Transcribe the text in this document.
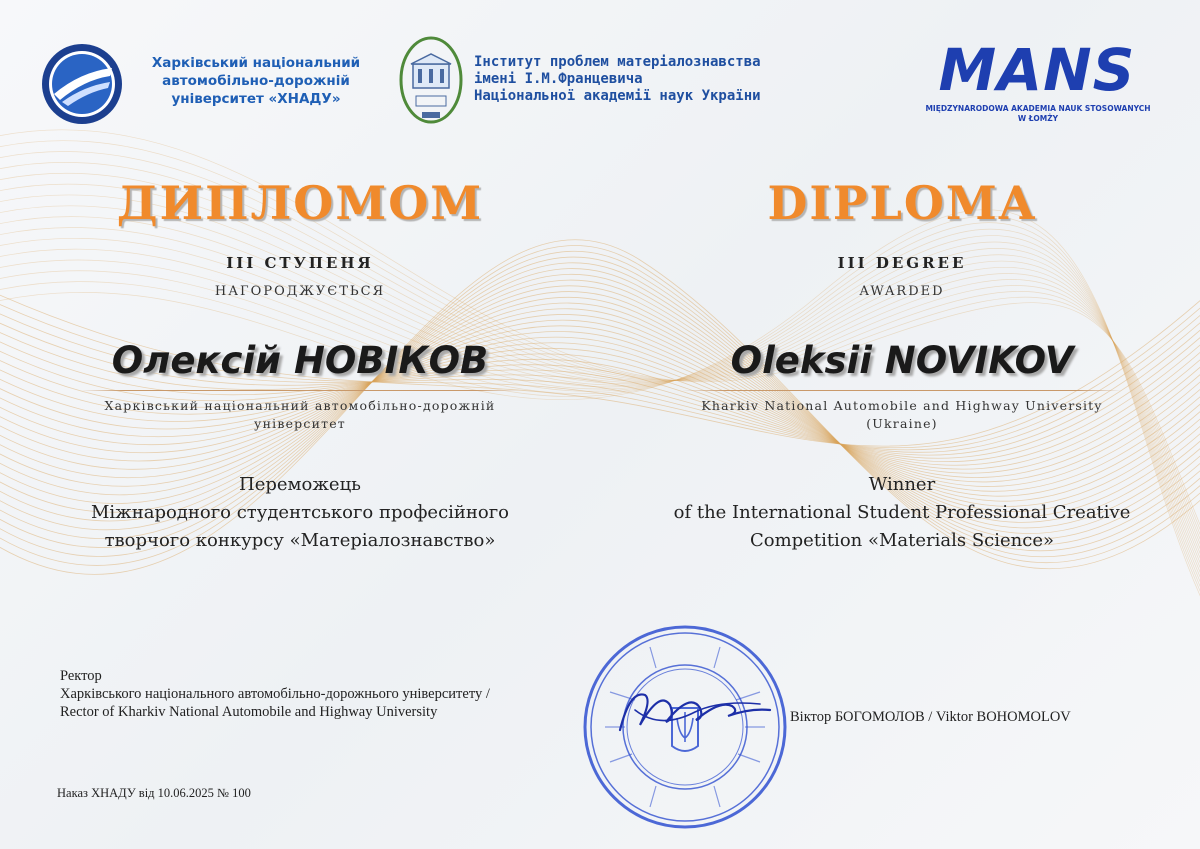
Харківський національний
автомобільно-дорожній
університет «ХНАДУ»
Інститут проблем матеріалознавства
імені І.М.Францевича
Національної академії наук України	MANS
MIĘDZYNARODOWA AKADEMIA NAUK STOSOWANYCH
W ŁOMŻY
ДИПЛОМОМ
ІІІ СТУПЕНЯ
НАГОРОДЖУЄТЬСЯ
Олексій НОВІКОВ
Харківський національний автомобільно-дорожній
університет
Переможець
Міжнародного студентського професійного
творчого конкурсу «Матеріалознавство»
DIPLOMA
III DEGREE
AWARDED
Oleksii NOVIKOV
Kharkiv National Automobile and Highway University
(Ukraine)
Winner
of the International Student Professional Creative
Competition «Materials Science»
Ректор
Харківського національного автомобільно-дорожнього університету /
Rector of Kharkiv National Automobile and Highway University	Віктор БОГОМОЛОВ / Viktor BOHOMOLOV
Наказ ХНАДУ від 10.06.2025 № 100
